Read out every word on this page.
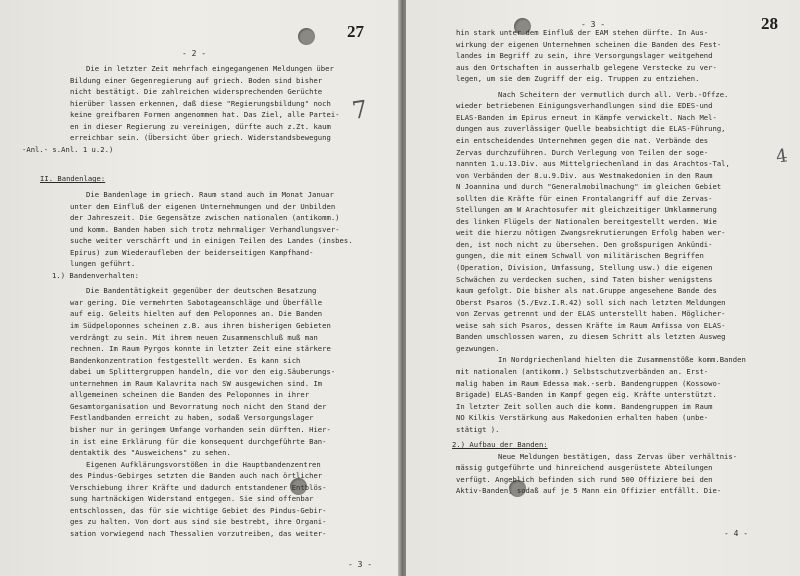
27
- 2 -
7
Die in letzter Zeit mehrfach eingegangenen Meldungen über
Bildung einer Gegenregierung auf griech. Boden sind bisher
nicht bestätigt. Die zahlreichen widersprechenden Gerüchte
hierüber lassen erkennen, daß diese "Regierungsbildung" noch
keine greifbaren Formen angenommen hat. Das Ziel, alle Partei-
en in dieser Regierung zu vereinigen, dürfte auch z.Zt. kaum
erreichbar sein. (Übersicht über griech. Widerstandsbewegung
-Anl.- s.Anl. 1 u.2.)
II. Bandenlage:
Die Bandenlage im griech. Raum stand auch im Monat Januar
unter dem Einfluß der eigenen Unternehmungen und der Unbilden
der Jahreszeit. Die Gegensätze zwischen nationalen (antikomm.)
und komm. Banden haben sich trotz mehrmaliger Verhandlungsver-
suche weiter verschärft und in einigen Teilen des Landes (insbes.
Epirus) zum Wiederaufleben der beiderseitigen Kampfhand-
lungen geführt.
1.) Bandenverhalten:
Die Bandentätigkeit gegenüber der deutschen Besatzung
war gering. Die vermehrten Sabotageanschläge und Überfälle
auf eig. Geleits hielten auf dem Peloponnes an. Die Banden
im Südpeloponnes scheinen z.B. aus ihren bisherigen Gebieten
verdrängt zu sein. Mit ihrem neuen Zusammenschluß muß man
rechnen. Im Raum Pyrgos konnte in letzter Zeit eine stärkere
Bandenkonzentration festgestellt werden. Es kann sich
dabei um Splittergruppen handeln, die vor den eig.Säuberungs-
unternehmen im Raum Kalavrita nach SW ausgewichen sind. Im
allgemeinen scheinen die Banden des Peloponnes in ihrer
Gesamtorganisation und Bevorratung noch nicht den Stand der
Festlandbanden erreicht zu haben, sodaß Versorgungslager
bisher nur in geringem Umfange vorhanden sein dürften. Hier-
in ist eine Erklärung für die konsequent durchgeführte Ban-
dentaktik des "Ausweichens" zu sehen.
Eigenen Aufklärungsvorstößen in die Hauptbandenzentren
des Pindus-Gebirges setzten die Banden auch nach örtlicher
Verschiebung ihrer Kräfte und dadurch entstandener Entblös-
sung hartnäckigen Widerstand entgegen. Sie sind offenbar
entschlossen, das für sie wichtige Gebiet des Pindus-Gebir-
ges zu halten. Von dort aus sind sie bestrebt, ihre Organi-
sation vorwiegend nach Thessalien vorzutreiben, das weiter-
- 3 -
- 3 -	28
4
hin stark unter dem Einfluß der EAM stehen dürfte. In Aus-
wirkung der eigenen Unternehmen scheinen die Banden des Fest-
landes im Begriff zu sein, ihre Versorgungslager weitgehend
aus den Ortschaften in ausserhalb gelegene Verstecke zu ver-
legen, um sie dem Zugriff der eig. Truppen zu entziehen.
Nach Scheitern der vermutlich durch all. Verb.-Offze.
wieder betriebenen Einigungsverhandlungen sind die EDES-und
ELAS-Banden im Epirus erneut in Kämpfe verwickelt. Nach Mel-
dungen aus zuverlässiger Quelle beabsichtigt die ELAS-Führung,
ein entscheidendes Unternehmen gegen die nat. Verbände des
Zervas durchzuführen. Durch Verlegung von Teilen der soge-
nannten 1.u.13.Div. aus Mittelgriechenland in das Arachtos-Tal,
von Verbänden der 8.u.9.Div. aus Westmakedonien in den Raum
N Joannina und durch "Generalmobilmachung" im gleichen Gebiet
sollten die Kräfte für einen Frontalangriff auf die Zervas-
Stellungen am W Arachtosufer mit gleichzeitiger Umklammerung
des linken Flügels der Nationalen bereitgestellt werden. Wie
weit die hierzu nötigen Zwangsrekrutierungen Erfolg haben wer-
den, ist noch nicht zu übersehen. Den großspurigen Ankündi-
gungen, die mit einem Schwall von militärischen Begriffen
(Operation, Division, Umfassung, Stellung usw.) die eigenen
Schwächen zu verdecken suchen, sind Taten bisher wenigstens
kaum gefolgt. Die bisher als nat.Gruppe angesehene Bande des
Oberst Psaros (5./Evz.I.R.42) soll sich nach letzten Meldungen
von Zervas getrennt und der ELAS unterstellt haben. Möglicher-
weise sah sich Psaros, dessen Kräfte im Raum Amfissa von ELAS-
Banden umschlossen waren, zu diesem Schritt als letzten Ausweg
gezwungen.
In Nordgriechenland hielten die Zusammenstöße komm.Banden
mit nationalen (antikomm.) Selbstschutzverbänden an. Erst-
malig haben im Raum Edessa mak.-serb. Bandengruppen (Kossowo-
Brigade) ELAS-Banden im Kampf gegen eig. Kräfte unterstützt.
In letzter Zeit sollen auch die komm. Bandengruppen im Raum
NO Kilkis Verstärkung aus Makedonien erhalten haben (unbe-
stätigt ).
2.) Aufbau der Banden:
Neue Meldungen bestätigen, dass Zervas über verhältnis-
mässig gutgeführte und hinreichend ausgerüstete Abteilungen
verfügt. Angeblich befinden sich rund 500 Offiziere bei den
Aktiv-Banden, sodaß auf je 5 Mann ein Offizier entfällt. Die-
- 4 -
